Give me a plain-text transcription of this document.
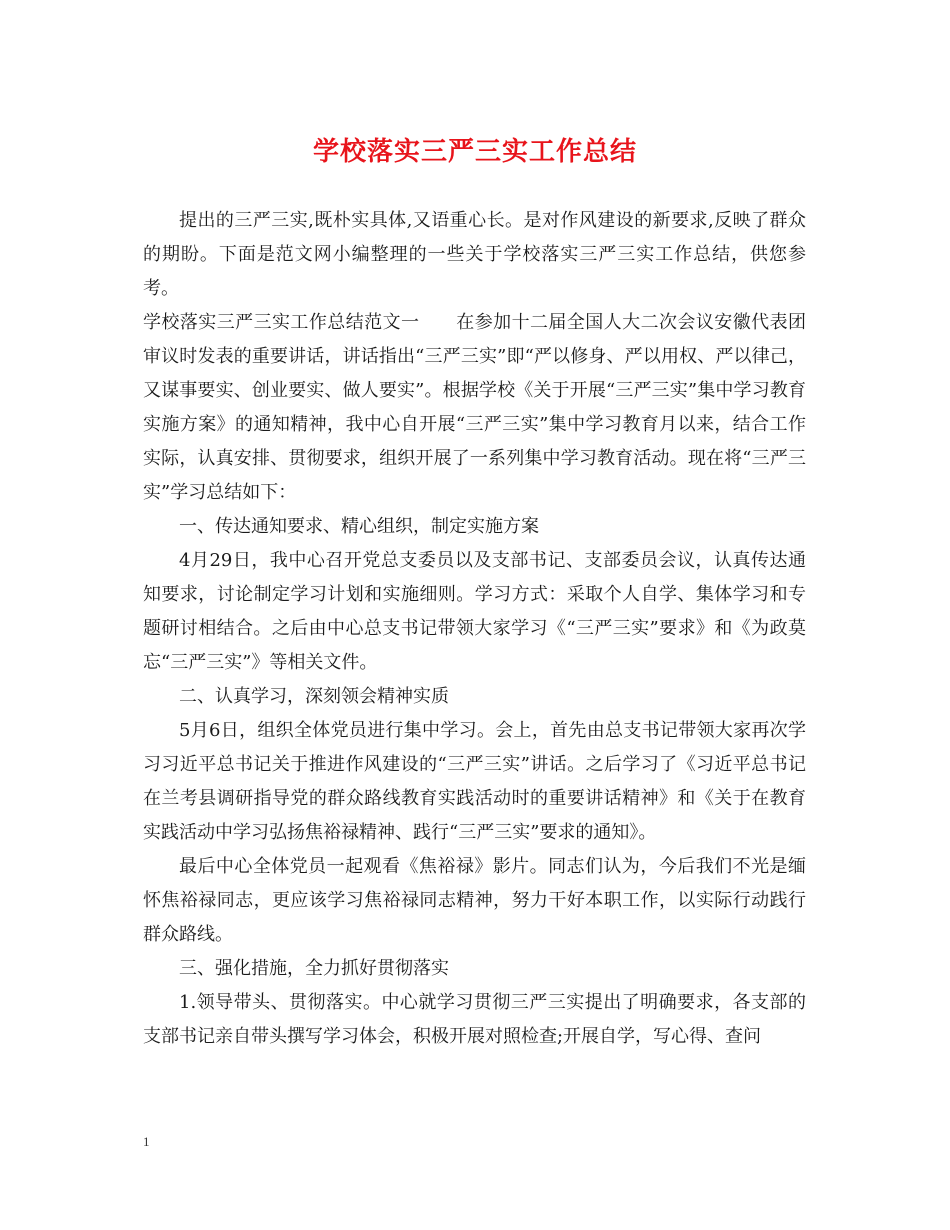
学校落实三严三实工作总结

提出的三严三实,既朴实具体,又语重心长。是对作风建设的新要求,反映了群众的期盼。下面是范文网小编整理的一些关于学校落实三严三实工作总结，供您参考。

学校落实三严三实工作总结范文一　　在参加十二届全国人大二次会议安徽代表团审议时发表的重要讲话，讲话指出“三严三实”即“严以修身、严以用权、严以律己，又谋事要实、创业要实、做人要实”。根据学校《关于开展“三严三实”集中学习教育实施方案》的通知精神，我中心自开展“三严三实”集中学习教育月以来，结合工作实际，认真安排、贯彻要求，组织开展了一系列集中学习教育活动。现在将“三严三实”学习总结如下：

一、传达通知要求、精心组织，制定实施方案

4月29日，我中心召开党总支委员以及支部书记、支部委员会议，认真传达通知要求，讨论制定学习计划和实施细则。学习方式：采取个人自学、集体学习和专题研讨相结合。之后由中心总支书记带领大家学习《“三严三实”要求》和《为政莫忘“三严三实”》等相关文件。

二、认真学习，深刻领会精神实质

5月6日，组织全体党员进行集中学习。会上，首先由总支书记带领大家再次学习习近平总书记关于推进作风建设的“三严三实”讲话。之后学习了《习近平总书记在兰考县调研指导党的群众路线教育实践活动时的重要讲话精神》和《关于在教育实践活动中学习弘扬焦裕禄精神、践行“三严三实”要求的通知》。

最后中心全体党员一起观看《焦裕禄》影片。同志们认为，今后我们不光是缅怀焦裕禄同志，更应该学习焦裕禄同志精神，努力干好本职工作，以实际行动践行群众路线。

三、强化措施，全力抓好贯彻落实

1.领导带头、贯彻落实。中心就学习贯彻三严三实提出了明确要求，各支部的支部书记亲自带头撰写学习体会，积极开展对照检查;开展自学，写心得、查问

1
